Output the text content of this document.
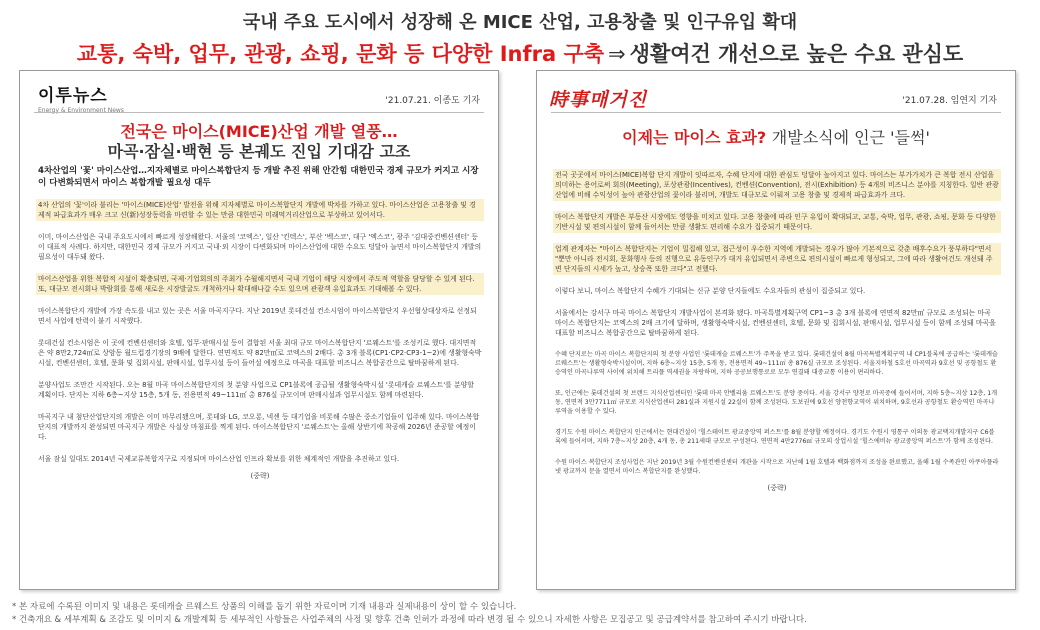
국내 주요 도시에서 성장해 온 MICE 산업, 고용창출 및 인구유입 확대
교통, 숙박, 업무, 관광, 쇼핑, 문화 등 다양한 Infra 구축 ⇒ 생활여건 개선으로 높은 수요 관심도
이투뉴스
Energy & Environment News
'21.07.21. 이종도 기자
전국은 마이스(MICE)산업 개발 열풍…
마곡·잠실·백현 등 본궤도 진입 기대감 고조

4차산업의 '꽃' 마이스산업…지자체별로 마이스복합단지 등 개발 추진 위해 안간힘 대한민국 경제 규모가 커지고 시장이 다변화되면서 마이스 복합개발 필요성 대두

4차 산업의 '꽃'이라 불리는 '마이스(MICE)산업' 발전을 위해 지자체별로 마이스복합단지 개발에 박차를 가하고 있다. 마이스산업은 고용창출 및 경제적 파급효과가 매우 크고 신(新)성장동력을 마련할 수 있는 만큼 대한민국 미래먹거리산업으로 부상하고 있어서다.

이미, 마이스산업은 국내 주요도시에서 빠르게 성장해왔다. 서울의 '코엑스', 일산 '킨텍스', 부산 '벡스코', 대구 '엑스코', 광주 '김대중컨벤션센터' 등이 대표적 사례다. 하지만, 대한민국 경제 규모가 커지고 국내·외 시장이 다변화되며 마이스산업에 대한 수요도 덩달아 늘면서 마이스복합단지 개발의 필요성이 대두돼 왔다.

마이스산업을 위한 복합적 시설이 확충되면, 국제·기업회의의 주최가 수월해지면서 국내 기업이 해당 시장에서 주도적 역할을 담당할 수 있게 된다. 또, 대규모 전시회나 박람회를 통해 새로운 시장발굴도 개척하거나 확대해나갈 수도 있으며 관광객 유입효과도 기대해볼 수 있다.

마이스복합단지 개발에 가장 속도를 내고 있는 곳은 서울 마곡지구다. 지난 2019년 롯데건설 컨소시엄이 마이스복합단지 우선협상대상자로 선정되면서 사업에 탄력이 붙기 시작했다.

롯데건설 컨소시엄은 이 곳에 컨벤션센터와 호텔, 업무·판매시설 등이 결합된 서울 최대 규모 마이스복합단지 '르웨스트'를 조성키로 했다. 대지면적은 약 8만2,724㎡로 상암동 월드컵경기장의 9배에 달한다. 연면적도 약 82만㎡로 코엑스의 2배다. 총 3개 블록(CP1·CP2·CP3-1~2)에 생활형숙박시설, 컨벤션센터, 호텔, 문화 및 집회시설, 판매시설, 업무시설 등이 들어설 예정으로 마곡을 대표할 비즈니스 복합공간으로 탈바꿈하게 된다.

분양사업도 조만간 시작된다. 오는 8월 마곡 마이스복합단지의 첫 분양 사업으로 CP1블록에 공급될 생활형숙박시설 '롯데캐슬 르웨스트'를 분양할 계획이다. 단지는 지하 6층~지상 15층, 5개 동, 전용면적 49~111㎡ 총 876실 규모이며 판매시설과 업무시설도 함께 마련된다.

마곡지구 내 첨단산업단지의 개발은 이미 마무리됐으며, 롯데와 LG, 코오롱, 넥센 등 대기업을 비롯해 수많은 중소기업들이 입주해 있다. 마이스복합단지의 개발까지 완성되면 마곡지구 개발은 사실상 마침표를 찍게 된다. 마이스복합단지 '르웨스트'는 올해 상반기에 착공해 2026년 준공할 예정이다.

서울 잠실 일대도 2014년 국제교류복합지구로 지정되며 마이스산업 인프라 확보를 위한 체계적인 개발을 추진하고 있다.

(중략)
時事매거진	'21.07.28. 임연지 기자
이제는 마이스 효과? 개발소식에 인근 '들썩'

전국 곳곳에서 마이스(MICE)복합 단지 개발이 잇따르자, 수혜 단지에 대한 관심도 덩달아 높아지고 있다. 마이스는 부가가치가 큰 복합 전시 산업을 의미하는 용어로써 회의(Meeting), 포상관광(Incentives), 컨벤션(Convention), 전시(Exhibition) 등 4개의 비즈니스 분야를 지칭한다. 일반 관광 산업에 비해 수익성이 높아 관광산업의 꽃이라 불리며, 개발도 대규모로 이뤄져 고용 창출 및 경제적 파급효과가 크다.

마이스 복합단지 개발은 부동산 시장에도 영향을 미치고 있다. 고용 창출에 따라 인구 유입이 확대되고, 교통, 숙박, 업무, 관광, 쇼핑, 문화 등 다양한 기반시설 및 편의시설이 함께 들어서는 만큼 생활도 편리해 수요가 집중되기 때문이다.

업계 관계자는 "마이스 복합단지는 기업이 밀집해 있고, 접근성이 우수한 지역에 개발되는 경우가 많아 기본적으로 갖춘 배후수요가 풍부하다"면서 "뿐만 아니라 전시회, 문화행사 등의 진행으로 유동인구가 대거 유입되면서 주변으로 편의시설이 빠르게 형성되고, 그에 따라 생활여건도 개선돼 주변 단지들의 시세가 높고, 상승폭 또한 크다"고 전했다.

이렇다 보니, 마이스 복합단지 수혜가 기대되는 신규 분양 단지들에도 수요자들의 관심이 집중되고 있다.

서울에서는 강서구 마곡 마이스 복합단지 개발사업이 본격화 됐다. 마곡특별계획구역 CP1~3 총 3개 블록에 연면적 82만㎡ 규모로 조성되는 마곡 마이스 복합단지는 코엑스의 2배 크기에 달하며, 생활형숙박시설, 컨벤션센터, 호텔, 문화 및 집회시설, 판매시설, 업무시설 등이 함께 조성돼 마곡을 대표할 비즈니스 복합공간으로 탈바꿈하게 된다.

수혜 단지로는 마곡 마이스 복합단지의 첫 분양 사업인 '롯데캐슬 르웨스트'가 주목을 받고 있다. 롯데건설이 8월 마곡특별계획구역 내 CP1블록에 공급하는 '롯데캐슬 르웨스트'는 생활형숙박시설이며, 지하 6층~지상 15층, 5개 동, 전용면적 49~111㎡ 총 876실 규모로 조성된다. 서울지하철 5호선 마곡역과 9호선 및 공항철도 환승역인 마곡나루역 사이에 위치해 트리플 역세권을 자랑하며, 지하 공공보행통로로 모두 연결돼 대중교통 이용이 편리하다.

또, 인근에는 롯데건설의 첫 브랜드 지식산업센터인 '롯데 마곡 안벨리움 르웨스트'도 분양 중이다. 서울 강서구 양천로 마곡중에 들어서며, 지하 5층~지상 12층, 1개 동, 연면적 3만7711㎡ 규모로 지식산업센터 281실과 지원시설 22실이 함께 조성된다. 도보권에 9호선 양천향교역이 위치하며, 9호선과 공항철도 환승역인 마곡나루역을 이용할 수 있다.

경기도 수원 마이스 복합단지 인근에서는 현대건설이 '힐스테이트 광교중앙역 퍼스트'를 8월 분양할 예정이다. 경기도 수원시 영통구 이의동 광교택지개발지구 C6블록에 들어서며, 지하 7층~지상 20층, 4개 동, 총 211세대 규모로 구성된다. 연면적 4만2776㎡ 규모의 상업시설 '힐스에비뉴 광교중앙역 퍼스트'가 함께 조성된다.

수원 마이스 복합단지 조성사업은 지난 2019년 3월 수원컨벤션센터 개관을 시작으로 지난해 1월 호텔과 백화점까지 조성을 완료했고, 올해 1월 수족관인 아쿠아플라넷 광교까지 문을 열면서 마이스 복합단지를 완성했다.

(중략)
* 본 자료에 수록된 이미지 및 내용은 롯데캐슬 르웨스트 상품의 이해를 돕기 위한 자료이며 기재 내용과 실제내용이 상이 할 수 있습니다.
* 건축개요 & 세부계획 & 조감도 및 이미지 & 개발계획 등 세부적인 사항들은 사업주체의 사정 및 향후 건축 인허가 과정에 따라 변경 될 수 있으니 자세한 사항은 모집공고 및 공급계약서를 참고하여 주시기 바랍니다.
